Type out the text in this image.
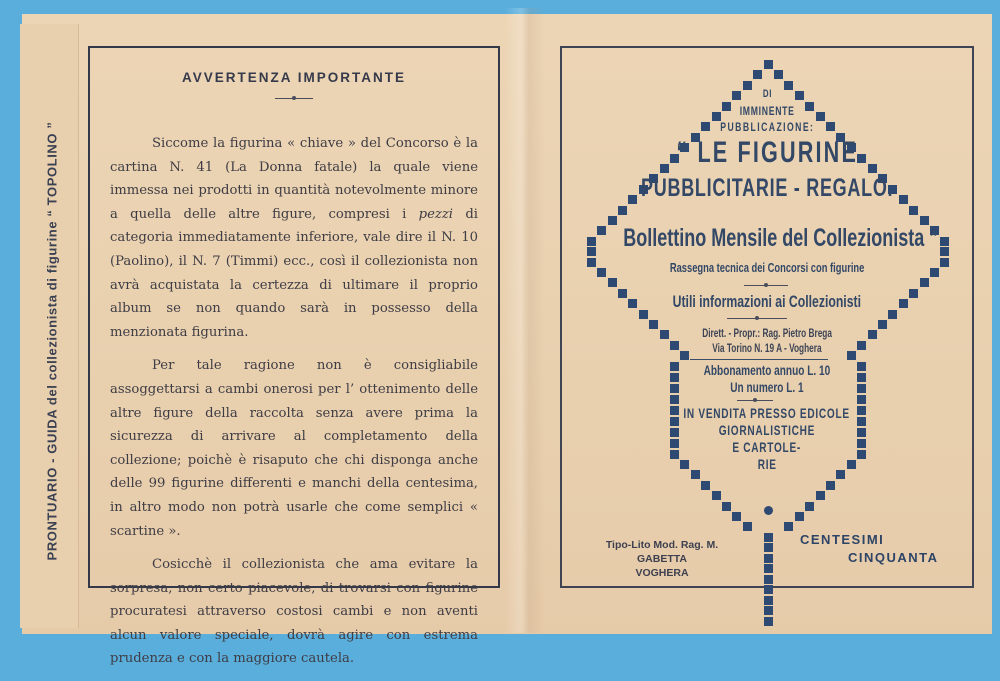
PRONTUARIO - GUIDA del collezionista di figurine “ TOPOLINO ”
AVVERTENZA IMPORTANTE

Siccome la figurina « chiave » del Concorso è la cartina N. 41 (La Donna fatale) la quale viene immessa nei prodotti in quantità notevolmente minore a quella delle altre figure, compresi i pezzi di categoria immediatamente inferiore, vale dire il N. 10 (Paolino), il N. 7 (Timmi) ecc., così il collezionista non avrà acquistata la certezza di ultimare il proprio album se non quando sarà in possesso della menzionata figurina.

Per tale ragione non è consigliabile assoggettarsi a cambi onerosi per l’ ottenimento delle altre figure della raccolta senza avere prima la sicurezza di arrivare al completamento della collezione; poichè è risaputo che chi disponga anche delle 99 figurine differenti e manchi della centesima, in altro modo non potrà usarle che come semplici « scartine ».

Cosicchè il collezionista che ama evitare la sorpresa, non certo piacevole, di trovarsi con figurine procuratesi attraverso costosi cambi e non aventi alcun valore speciale, dovrà agire con estrema prudenza e con la maggiore cautela.

DI
IMMINENTE
PUBBLICAZIONE:
“ LE FIGURINE
PUBBLICITARIE - REGALO.
Bollettino Mensile del Collezionista ”
Rassegna tecnica dei Concorsi con figurine
Utili informazioni ai Collezionisti
Dirett. - Propr.: Rag. Pietro Brega
Via Torino N. 19 A - Voghera
Abbonamento annuo L. 10
Un numero L. 1
IN VENDITA PRESSO EDICOLE
GIORNALISTICHE
E CARTOLE-
RIE
Tipo-Lito Mod. Rag. M. GABETTA
VOGHERA
CENTESIMI
CINQUANTA
